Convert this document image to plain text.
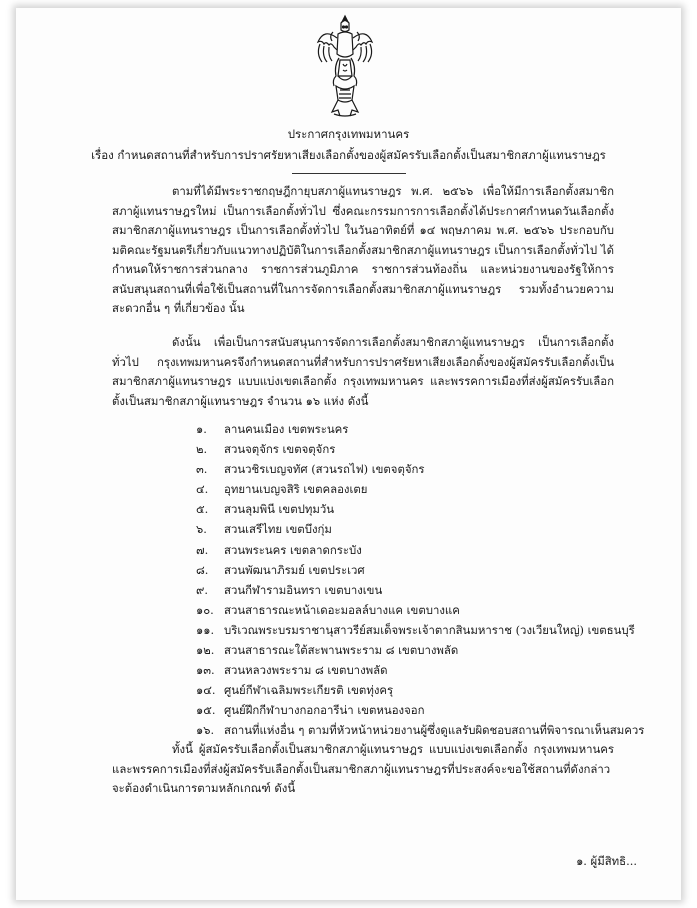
ประกาศกรุงเทพมหานคร
เรื่อง กำหนดสถานที่สำหรับการปราศรัยหาเสียงเลือกตั้งของผู้สมัครรับเลือกตั้งเป็นสมาชิกสภาผู้แทนราษฎร
ตามที่ได้มีพระราชกฤษฎีกายุบสภาผู้แทนราษฎร พ.ศ. ๒๕๖๖ เพื่อให้มีการเลือกตั้งสมาชิกสภาผู้แทนราษฎรใหม่ เป็นการเลือกตั้งทั่วไป ซึ่งคณะกรรมการการเลือกตั้งได้ประกาศกำหนดวันเลือกตั้งสมาชิกสภาผู้แทนราษฎร เป็นการเลือกตั้งทั่วไป ในวันอาทิตย์ที่ ๑๔ พฤษภาคม พ.ศ. ๒๕๖๖ ประกอบกับมติคณะรัฐมนตรีเกี่ยวกับแนวทางปฏิบัติในการเลือกตั้งสมาชิกสภาผู้แทนราษฎร เป็นการเลือกตั้งทั่วไป ได้กำหนดให้ราชการส่วนกลาง ราชการส่วนภูมิภาค ราชการส่วนท้องถิ่น และหน่วยงานของรัฐให้การสนับสนุนสถานที่เพื่อใช้เป็นสถานที่ในการจัดการเลือกตั้งสมาชิกสภาผู้แทนราษฎร รวมทั้งอำนวยความสะดวกอื่น ๆ ที่เกี่ยวข้อง นั้น
ดังนั้น เพื่อเป็นการสนับสนุนการจัดการเลือกตั้งสมาชิกสภาผู้แทนราษฎร เป็นการเลือกตั้งทั่วไป กรุงเทพมหานครจึงกำหนดสถานที่สำหรับการปราศรัยหาเสียงเลือกตั้งของผู้สมัครรับเลือกตั้งเป็นสมาชิกสภาผู้แทนราษฎร แบบแบ่งเขตเลือกตั้ง กรุงเทพมหานคร และพรรคการเมืองที่ส่งผู้สมัครรับเลือกตั้งเป็นสมาชิกสภาผู้แทนราษฎร จำนวน ๑๖ แห่ง ดังนี้
๑. ลานคนเมือง เขตพระนคร
๒. สวนจตุจักร เขตจตุจักร
๓. สวนวชิรเบญจทัศ (สวนรถไฟ) เขตจตุจักร
๔. อุทยานเบญจสิริ เขตคลองเตย
๕. สวนลุมพินี เขตปทุมวัน
๖. สวนเสรีไทย เขตบึงกุ่ม
๗. สวนพระนคร เขตลาดกระบัง
๘. สวนพัฒนาภิรมย์ เขตประเวศ
๙. สวนกีฬารามอินทรา เขตบางเขน
๑๐. สวนสาธารณะหน้าเดอะมอลล์บางแค เขตบางแค
๑๑. บริเวณพระบรมราชานุสาวรีย์สมเด็จพระเจ้าตากสินมหาราช (วงเวียนใหญ่) เขตธนบุรี
๑๒. สวนสาธารณะใต้สะพานพระราม ๘ เขตบางพลัด
๑๓. สวนหลวงพระราม ๘ เขตบางพลัด
๑๔. ศูนย์กีฬาเฉลิมพระเกียรติ เขตทุ่งครุ
๑๕. ศูนย์ฝึกกีฬาบางกอกอารีน่า เขตหนองจอก
๑๖. สถานที่แห่งอื่น ๆ ตามที่หัวหน้าหน่วยงานผู้ซึ่งดูแลรับผิดชอบสถานที่พิจารณาเห็นสมควร
ทั้งนี้ ผู้สมัครรับเลือกตั้งเป็นสมาชิกสภาผู้แทนราษฎร แบบแบ่งเขตเลือกตั้ง กรุงเทพมหานคร และพรรคการเมืองที่ส่งผู้สมัครรับเลือกตั้งเป็นสมาชิกสภาผู้แทนราษฎรที่ประสงค์จะขอใช้สถานที่ดังกล่าว จะต้องดำเนินการตามหลักเกณฑ์ ดังนี้
๑. ผู้มีสิทธิ...
